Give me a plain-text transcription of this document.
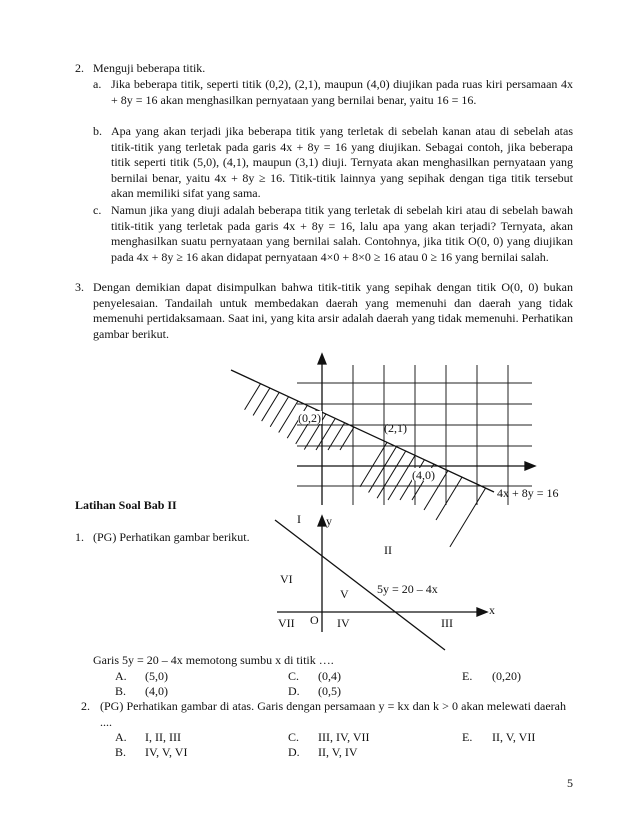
2. Menguji beberapa titik.
a. Jika beberapa titik, seperti titik (0,2), (2,1), maupun (4,0) diujikan pada ruas kiri persamaan 4x + 8y = 16 akan menghasilkan pernyataan yang bernilai benar, yaitu 16 = 16.
b. Apa yang akan terjadi jika beberapa titik yang terletak di sebelah kanan atau di sebelah atas titik-titik yang terletak pada garis 4x + 8y = 16 yang diujikan. Sebagai contoh, jika beberapa titik seperti titik (5,0), (4,1), maupun (3,1) diuji. Ternyata akan menghasilkan pernyataan yang bernilai benar, yaitu 4x + 8y ≥ 16. Titik-titik lainnya yang sepihak dengan tiga titik tersebut akan memiliki sifat yang sama.
c. Namun jika yang diuji adalah beberapa titik yang terletak di sebelah kiri atau di sebelah bawah titik-titik yang terletak pada garis 4x + 8y = 16, lalu apa yang akan terjadi? Ternyata, akan menghasilkan suatu pernyataan yang bernilai salah. Contohnya, jika titik O(0, 0) yang diujikan pada 4x + 8y ≥ 16 akan didapat pernyataan 4×0 + 8×0 ≥ 16 atau 0 ≥ 16 yang bernilai salah.
3. Dengan demikian dapat disimpulkan bahwa titik-titik yang sepihak dengan titik O(0, 0) bukan penyelesaian. Tandailah untuk membedakan daerah yang memenuhi dan daerah yang tidak memenuhi pertidaksamaan. Saat ini, yang kita arsir adalah daerah yang tidak memenuhi. Perhatikan gambar berikut.
(0,2)
(2,1)
(4,0)
4x + 8y = 16
I y
II
VI
V 5y = 20 – 4x
x
O
VII	IV	III
Latihan Soal Bab II
1. (PG) Perhatikan gambar berikut.
Garis 5y = 20 – 4x memotong sumbu x di titik ….
A. (5,0)	C. (0,4)	E. (0,20)
B. (4,0)	D. (0,5)
2. (PG) Perhatikan gambar di atas. Garis dengan persamaan y = kx dan k > 0 akan melewati daerah ....
A. I, II, III	C. III, IV, VII	E. II, V, VII
B. IV, V, VI	D. II, V, IV
5
